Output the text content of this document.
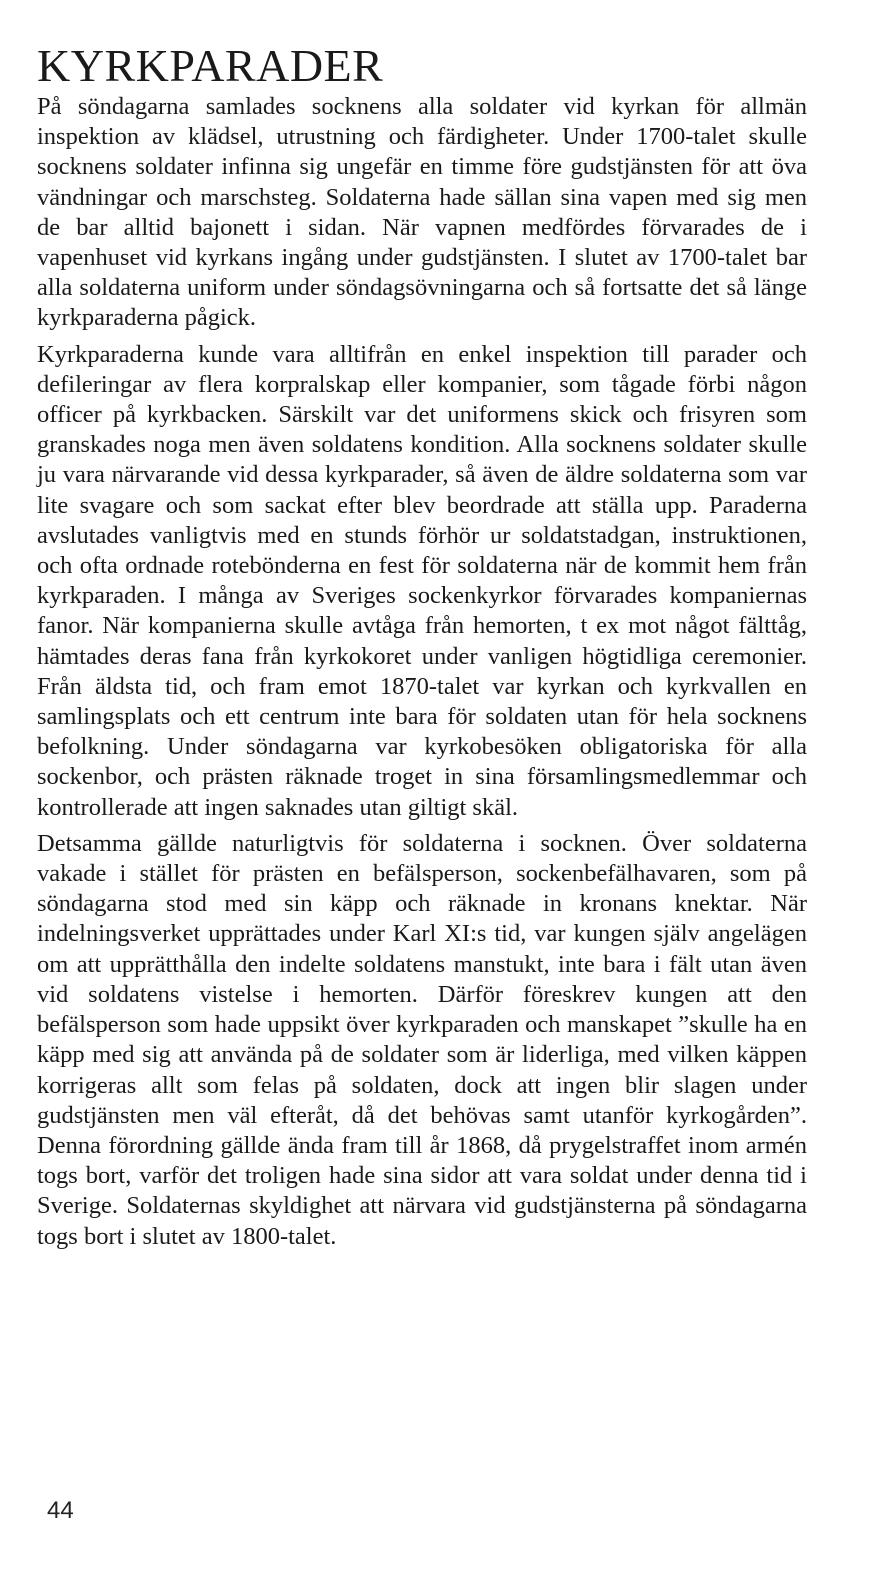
KYRKPARADER

På söndagarna samlades socknens alla soldater vid kyrkan för allmän inspektion av klädsel, utrustning och färdigheter. Under 1700-talet skulle socknens soldater infinna sig ungefär en timme före gudstjänsten för att öva vändningar och marschsteg. Soldaterna hade sällan sina vapen med sig men de bar alltid bajonett i sidan. När vapnen medfördes förvarades de i vapenhuset vid kyrkans ingång under gudstjänsten. I slutet av 1700-talet bar alla soldaterna uniform under söndagsövningarna och så fortsatte det så länge kyrkparaderna pågick.

Kyrkparaderna kunde vara alltifrån en enkel inspektion till parader och defileringar av flera korpralskap eller kompanier, som tågade förbi någon officer på kyrkbacken. Särskilt var det uniformens skick och frisyren som granskades noga men även soldatens kondition. Alla socknens soldater skulle ju vara närvarande vid dessa kyrkparader, så även de äldre soldaterna som var lite svagare och som sackat efter blev beordrade att ställa upp. Paraderna avslutades vanligtvis med en stunds förhör ur soldatstadgan, instruktionen, och ofta ordnade rotebönderna en fest för soldaterna när de kommit hem från kyrkparaden. I många av Sveriges sockenkyrkor förvarades kompaniernas fanor. När kompanierna skulle avtåga från hemorten, t ex mot något fälttåg, hämtades deras fana från kyrkokoret under vanligen högtidliga ceremonier. Från äldsta tid, och fram emot 1870-talet var kyrkan och kyrkvallen en samlingsplats och ett centrum inte bara för soldaten utan för hela socknens befolkning. Under söndagarna var kyrkobesöken obligatoriska för alla sockenbor, och prästen räknade troget in sina församlingsmedlemmar och kontrollerade att ingen saknades utan giltigt skäl.

Detsamma gällde naturligtvis för soldaterna i socknen. Över soldaterna vakade i stället för prästen en befälsperson, sockenbefälhavaren, som på söndagarna stod med sin käpp och räknade in kronans knektar. När indelningsverket upprättades under Karl XI:s tid, var kungen själv angelägen om att upprätthålla den indelte soldatens manstukt, inte bara i fält utan även vid soldatens vistelse i hemorten. Därför föreskrev kungen att den befälsperson som hade uppsikt över kyrkparaden och manskapet ”skulle ha en käpp med sig att använda på de soldater som är liderliga, med vilken käppen korrigeras allt som felas på soldaten, dock att ingen blir slagen under gudstjänsten men väl efteråt, då det behövas samt utanför kyrkogården”. Denna förordning gällde ända fram till år 1868, då prygelstraffet inom armén togs bort, varför det troligen hade sina sidor att vara soldat under denna tid i Sverige. Soldaternas skyldighet att närvara vid gudstjänsterna på söndagarna togs bort i slutet av 1800-talet.

44
